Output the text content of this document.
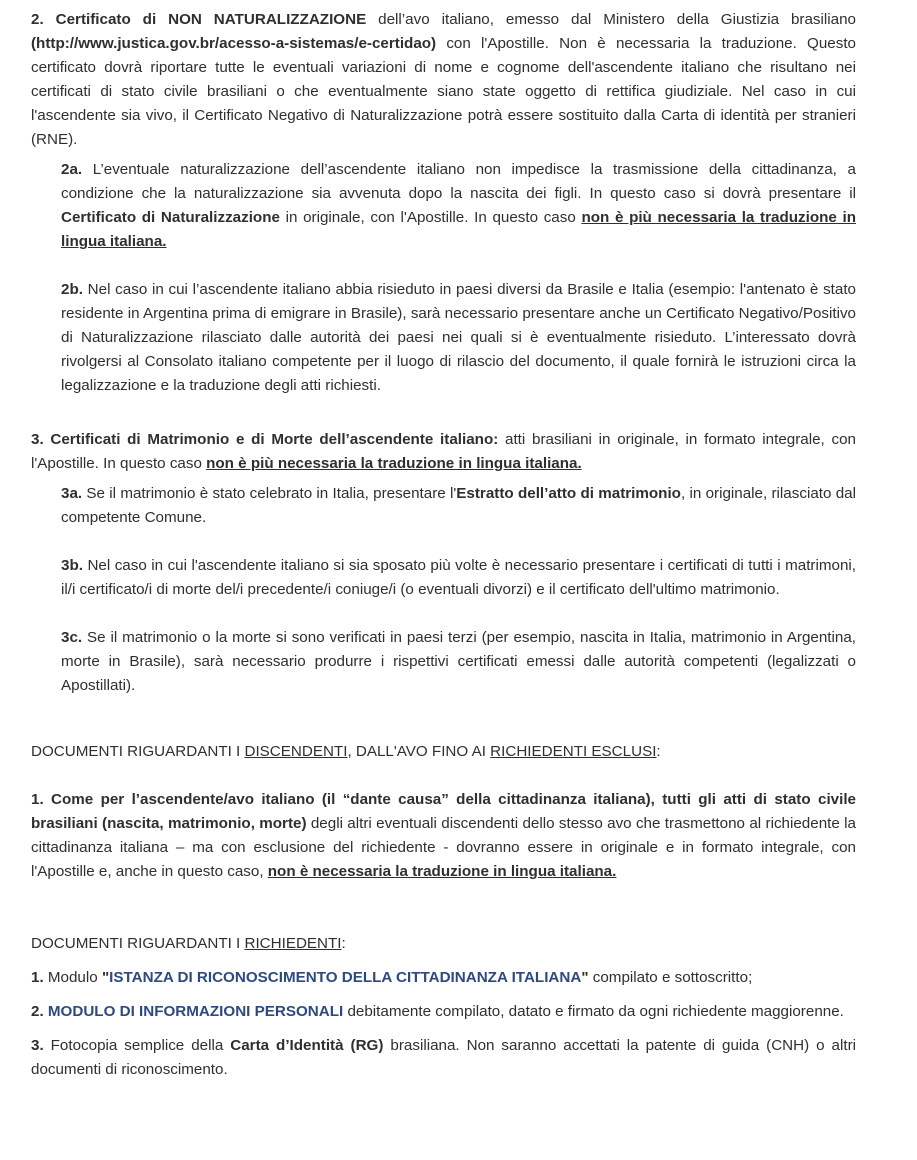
2. Certificato di NON NATURALIZZAZIONE dell’avo italiano, emesso dal Ministero della Giustizia brasiliano (http://www.justica.gov.br/acesso-a-sistemas/e-certidao) con l'Apostille. Non è necessaria la traduzione. Questo certificato dovrà riportare tutte le eventuali variazioni di nome e cognome dell'ascendente italiano che risultano nei certificati di stato civile brasiliani o che eventualmente siano state oggetto di rettifica giudiziale. Nel caso in cui l'ascendente sia vivo, il Certificato Negativo di Naturalizzazione potrà essere sostituito dalla Carta di identità per stranieri (RNE).

2a. L’eventuale naturalizzazione dell’ascendente italiano non impedisce la trasmissione della cittadinanza, a condizione che la naturalizzazione sia avvenuta dopo la nascita dei figli. In questo caso si dovrà presentare il Certificato di Naturalizzazione in originale, con l'Apostille. In questo caso non è più necessaria la traduzione in lingua italiana.

2b. Nel caso in cui l’ascendente italiano abbia risieduto in paesi diversi da Brasile e Italia (esempio: l'antenato è stato residente in Argentina prima di emigrare in Brasile), sarà necessario presentare anche un Certificato Negativo/Positivo di Naturalizzazione rilasciato dalle autorità dei paesi nei quali si è eventualmente risieduto. L’interessato dovrà rivolgersi al Consolato italiano competente per il luogo di rilascio del documento, il quale fornirà le istruzioni circa la legalizzazione e la traduzione degli atti richiesti.

3. Certificati di Matrimonio e di Morte dell’ascendente italiano: atti brasiliani in originale, in formato integrale, con l'Apostille. In questo caso non è più necessaria la traduzione in lingua italiana.

3a. Se il matrimonio è stato celebrato in Italia, presentare l'Estratto dell’atto di matrimonio, in originale, rilasciato dal competente Comune.

3b. Nel caso in cui l'ascendente italiano si sia sposato più volte è necessario presentare i certificati di tutti i matrimoni, il/i certificato/i di morte del/i precedente/i coniuge/i (o eventuali divorzi) e il certificato dell'ultimo matrimonio.

3c. Se il matrimonio o la morte si sono verificati in paesi terzi (per esempio, nascita in Italia, matrimonio in Argentina, morte in Brasile), sarà necessario produrre i rispettivi certificati emessi dalle autorità competenti (legalizzati o Apostillati).

DOCUMENTI RIGUARDANTI I DISCENDENTI, DALL'AVO FINO AI RICHIEDENTI ESCLUSI:

1. Come per l’ascendente/avo italiano (il “dante causa” della cittadinanza italiana), tutti gli atti di stato civile brasiliani (nascita, matrimonio, morte) degli altri eventuali discendenti dello stesso avo che trasmettono al richiedente la cittadinanza italiana – ma con esclusione del richiedente - dovranno essere in originale e in formato integrale, con l'Apostille e, anche in questo caso, non è necessaria la traduzione in lingua italiana.

DOCUMENTI RIGUARDANTI I RICHIEDENTI:

1. Modulo "ISTANZA DI RICONOSCIMENTO DELLA CITTADINANZA ITALIANA" compilato e sottoscritto;

2. MODULO DI INFORMAZIONI PERSONALI debitamente compilato, datato e firmato da ogni richiedente maggiorenne.

3. Fotocopia semplice della Carta d’Identità (RG) brasiliana. Non saranno accettati la patente di guida (CNH) o altri documenti di riconoscimento.
